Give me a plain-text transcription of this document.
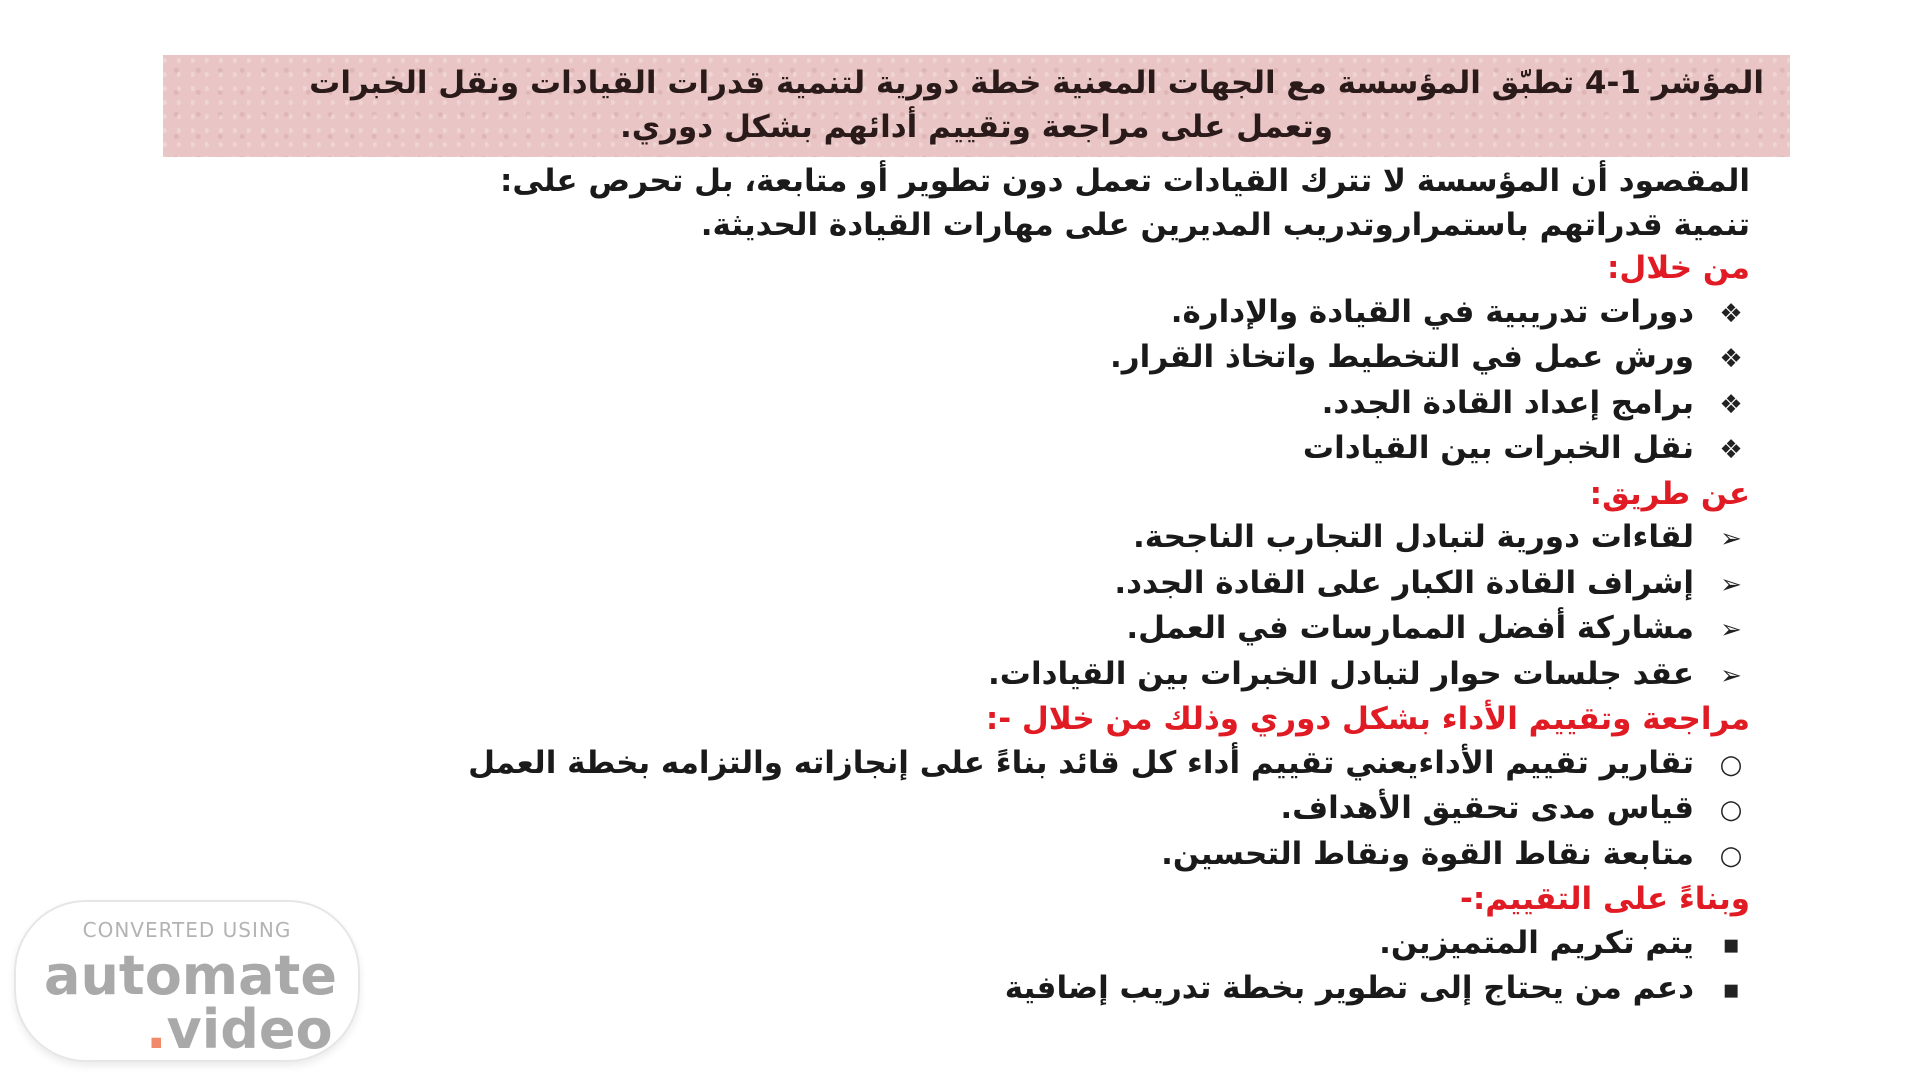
المؤشر 1-4 تطبّق المؤسسة مع الجهات المعنية خطة دورية لتنمية قدرات القيادات ونقل الخبرات
وتعمل على مراجعة وتقييم أدائهم بشكل دوري.
المقصود أن المؤسسة لا تترك القيادات تعمل دون تطوير أو متابعة، بل تحرص على:
تنمية قدراتهم باستمراروتدريب المديرين على مهارات القيادة الحديثة.
من خلال:
❖دورات تدريبية في القيادة والإدارة.
❖ورش عمل في التخطيط واتخاذ القرار.
❖برامج إعداد القادة الجدد.
❖نقل الخبرات بين القيادات
عن طريق:
➢لقاءات دورية لتبادل التجارب الناجحة.
➢إشراف القادة الكبار على القادة الجدد.
➢مشاركة أفضل الممارسات في العمل.
➢عقد جلسات حوار لتبادل الخبرات بين القيادات.
مراجعة وتقييم الأداء بشكل دوري وذلك من خلال -:
○تقارير تقييم الأداءيعني تقييم أداء كل قائد بناءً على إنجازاته والتزامه بخطة العمل
○قياس مدى تحقيق الأهداف.
○متابعة نقاط القوة ونقاط التحسين.
وبناءً على التقييم:-
▪يتم تكريم المتميزين.
▪دعم من يحتاج إلى تطوير بخطة تدريب إضافية
CONVERTED USING
automate
.video
